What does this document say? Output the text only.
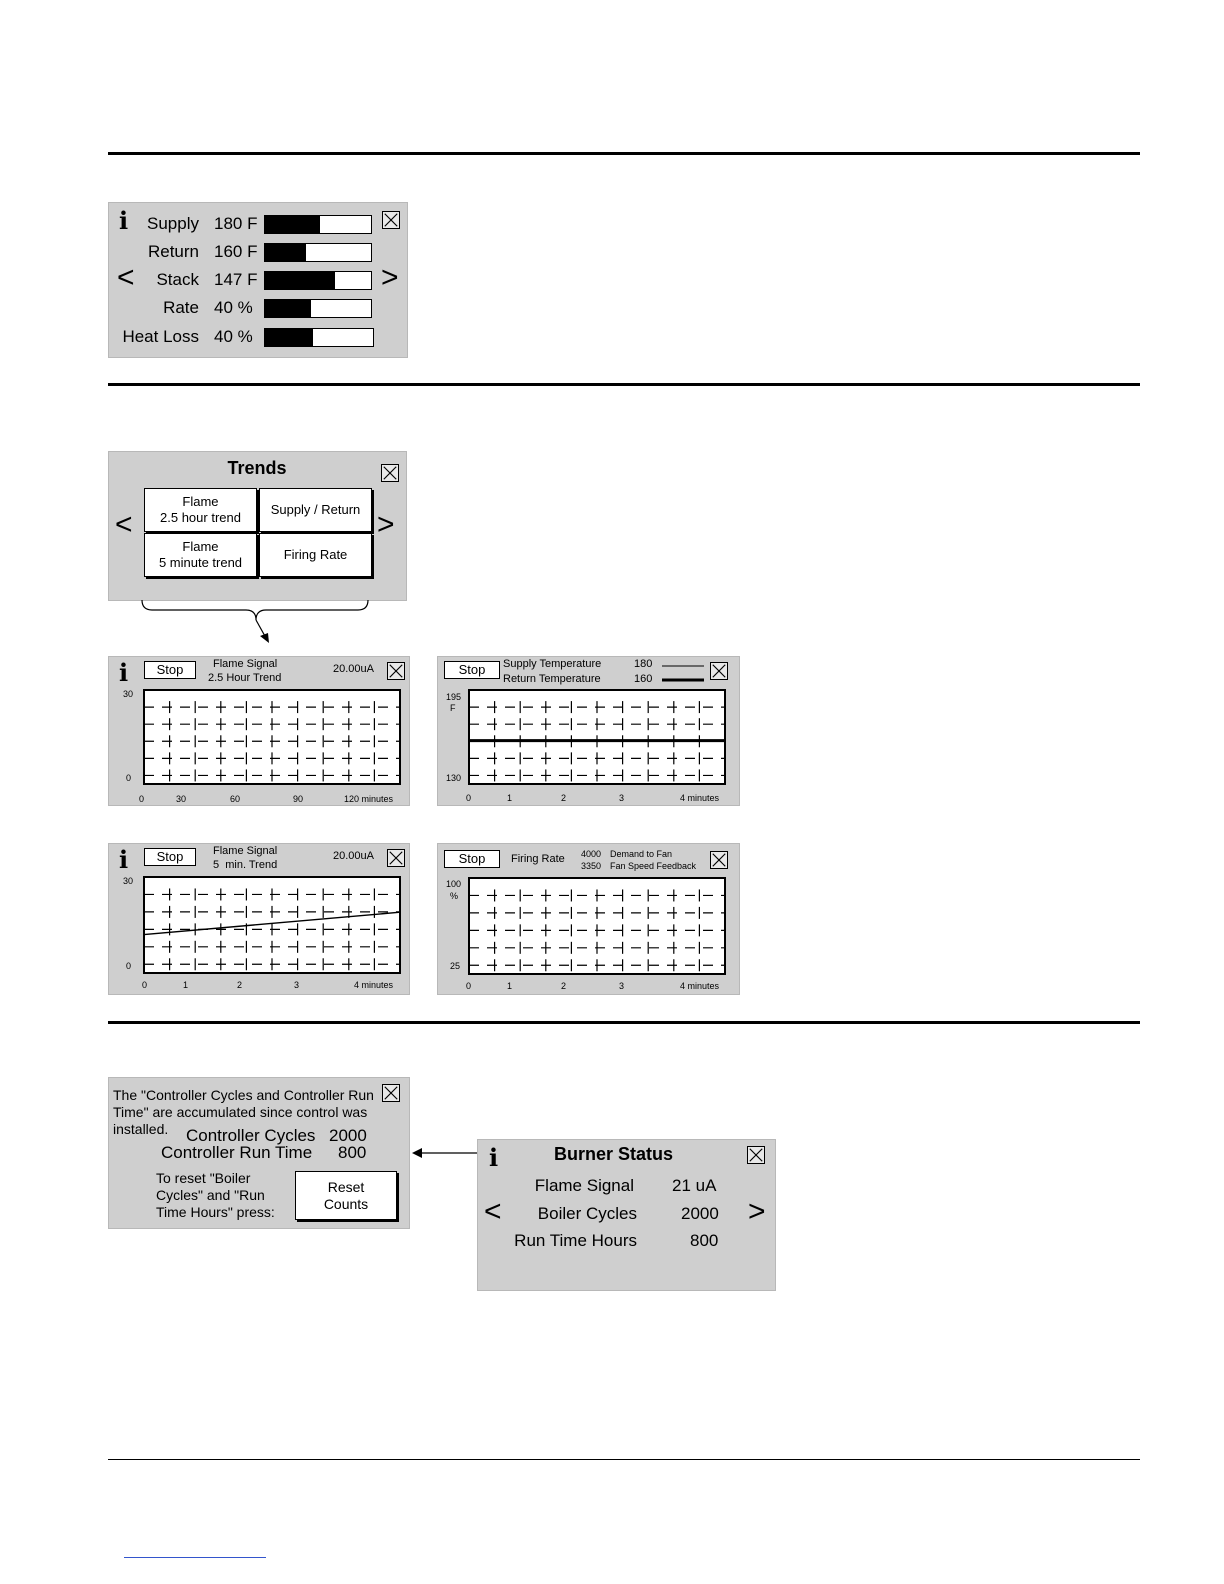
i
<	>
Supply 180 F
Return 160 F
Stack 147 F
Rate 40 %
Heat Loss 40 %
Trends
<	>
Flame
2.5 hour trend
Supply / Return
Flame
5 minute trend
Firing Rate
i	Stop	Flame Signal
2.5 Hour Trend
20.00uA
30
0
0	30	60	90	120 minutes
Stop	Supply Temperature	180
Return Temperature	160
195
F
130
0	1	2	3	4 minutes
i	Stop	Flame Signal
5  min. Trend
20.00uA
30
0
0	1	2	3	4 minutes
Stop	Firing Rate 4000 Demand to Fan
3350 Fan Speed Feedback
100
%
25
0	1	2	3	4 minutes
The "Controller Cycles and Controller Run Time" are accumulated since control was installed.	Controller Cycles 2000
Controller Run Time 800
To reset "Boiler Cycles" and "Run Time Hours" press:
Reset
Counts
i	Burner Status
<	>
Flame Signal 21 uA
Boiler Cycles	2000
Run Time Hours	800
